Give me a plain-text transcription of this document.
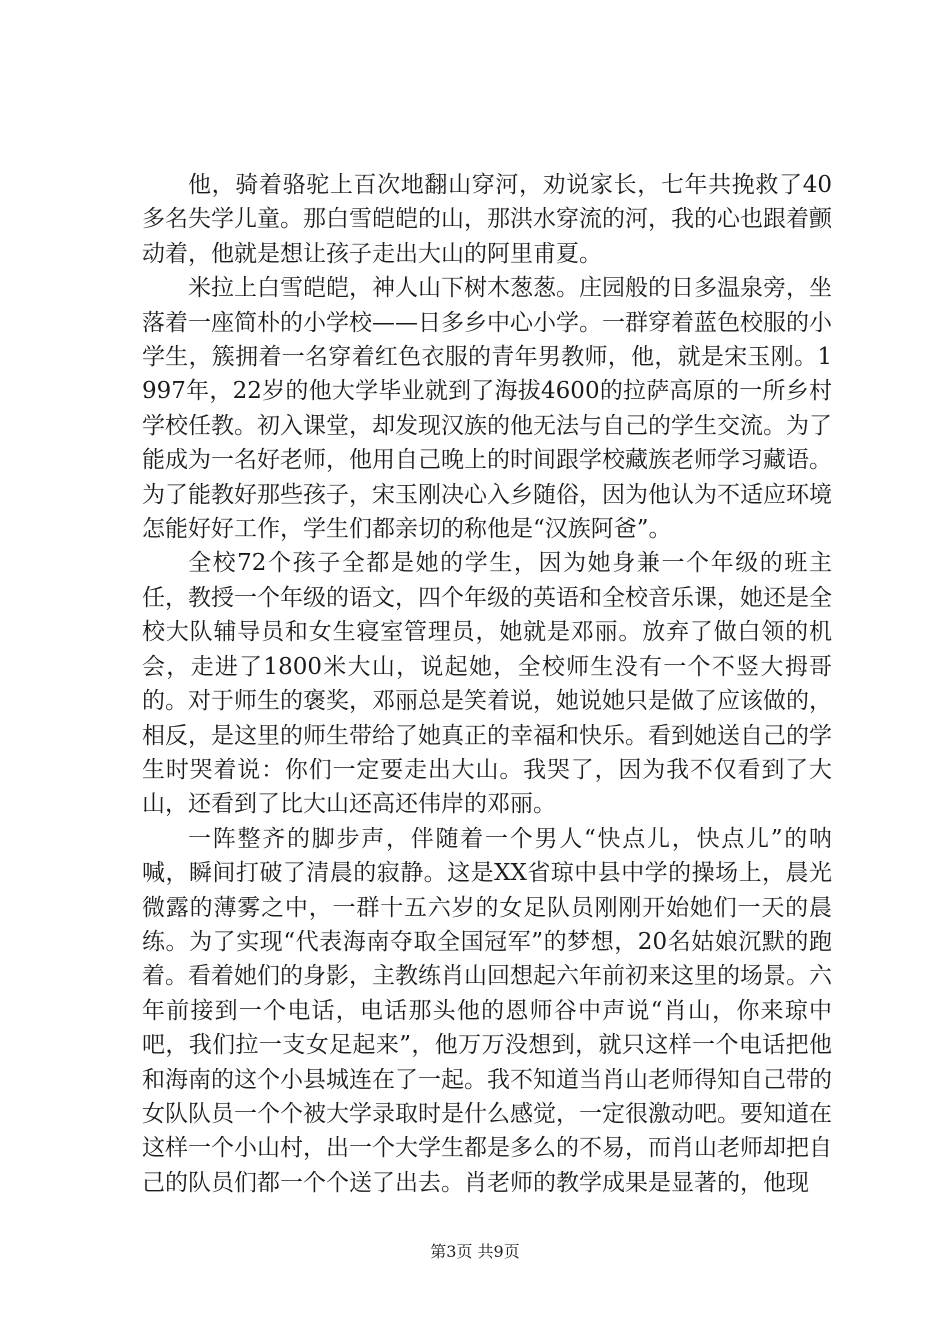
他，骑着骆驼上百次地翻山穿河，劝说家长，七年共挽救了40多名失学儿童。那白雪皑皑的山，那洪水穿流的河，我的心也跟着颤动着，他就是想让孩子走出大山的阿里甫夏。

米拉上白雪皑皑，神人山下树木葱葱。庄园般的日多温泉旁，坐落着一座简朴的小学校——日多乡中心小学。一群穿着蓝色校服的小学生，簇拥着一名穿着红色衣服的青年男教师，他，就是宋玉刚。1997年，22岁的他大学毕业就到了海拔4600的拉萨高原的一所乡村学校任教。初入课堂，却发现汉族的他无法与自己的学生交流。为了能成为一名好老师，他用自己晚上的时间跟学校藏族老师学习藏语。为了能教好那些孩子，宋玉刚决心入乡随俗，因为他认为不适应环境怎能好好工作，学生们都亲切的称他是“汉族阿爸”。

全校72个孩子全都是她的学生，因为她身兼一个年级的班主任，教授一个年级的语文，四个年级的英语和全校音乐课，她还是全校大队辅导员和女生寝室管理员，她就是邓丽。放弃了做白领的机会，走进了1800米大山，说起她，全校师生没有一个不竖大拇哥的。对于师生的褒奖，邓丽总是笑着说，她说她只是做了应该做的，相反，是这里的师生带给了她真正的幸福和快乐。看到她送自己的学生时哭着说：你们一定要走出大山。我哭了，因为我不仅看到了大山，还看到了比大山还高还伟岸的邓丽。

一阵整齐的脚步声，伴随着一个男人“快点儿，快点儿”的呐喊，瞬间打破了清晨的寂静。这是XX省琼中县中学的操场上，晨光微露的薄雾之中，一群十五六岁的女足队员刚刚开始她们一天的晨练。为了实现“代表海南夺取全国冠军”的梦想，20名姑娘沉默的跑着。看着她们的身影，主教练肖山回想起六年前初来这里的场景。六年前接到一个电话，电话那头他的恩师谷中声说“肖山，你来琼中吧，我们拉一支女足起来”，他万万没想到，就只这样一个电话把他和海南的这个小县城连在了一起。我不知道当肖山老师得知自己带的女队队员一个个被大学录取时是什么感觉，一定很激动吧。要知道在这样一个小山村，出一个大学生都是多么的不易，而肖山老师却把自己的队员们都一个个送了出去。肖老师的教学成果是显著的，他现

第3页 共9页
